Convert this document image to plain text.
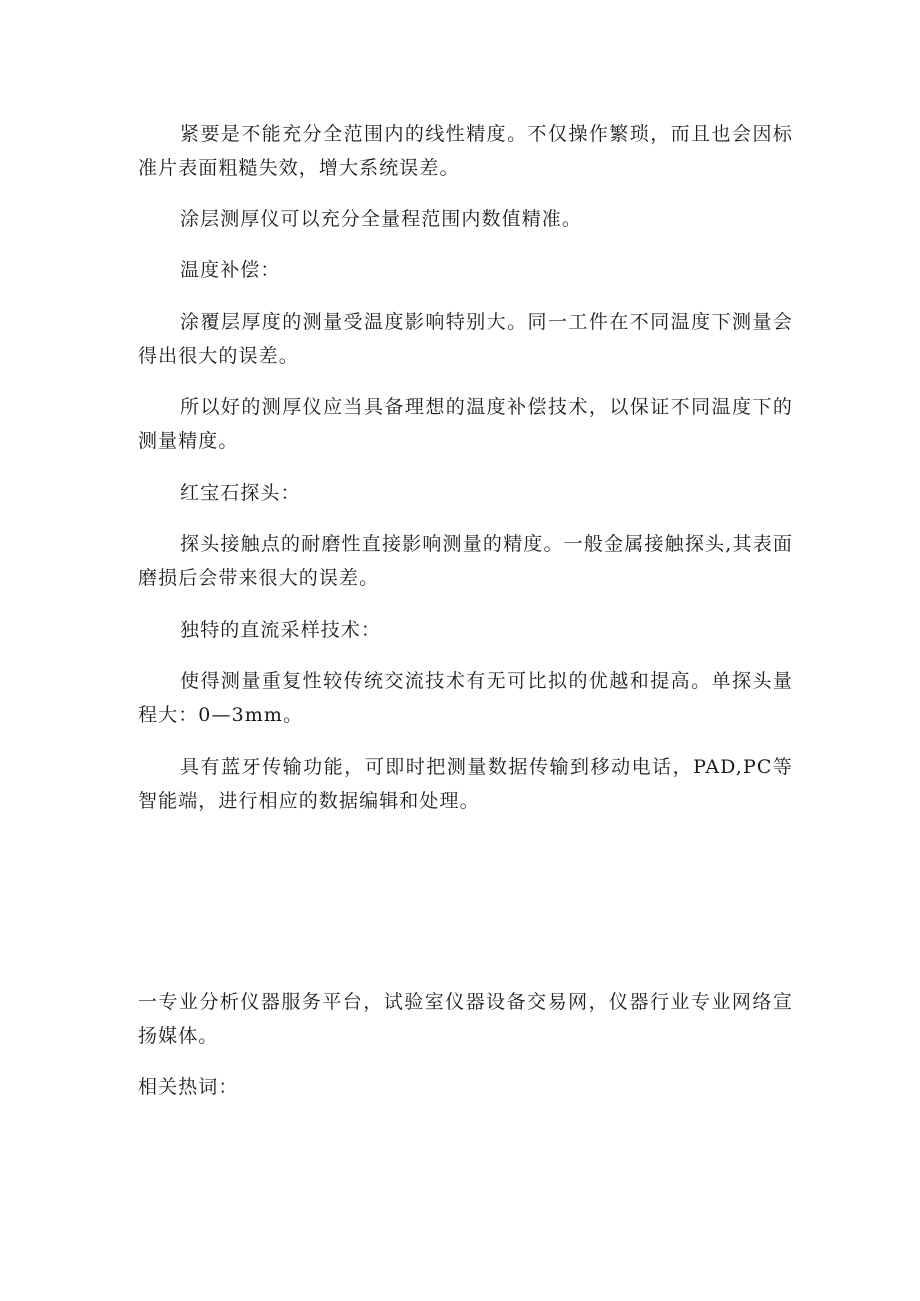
紧要是不能充分全范围内的线性精度。不仅操作繁琐，而且也会因标准片表面粗糙失效，增大系统误差。

涂层测厚仪可以充分全量程范围内数值精准。

温度补偿：

涂覆层厚度的测量受温度影响特别大。同一工件在不同温度下测量会得出很大的误差。

所以好的测厚仪应当具备理想的温度补偿技术，以保证不同温度下的测量精度。

红宝石探头：

探头接触点的耐磨性直接影响测量的精度。一般金属接触探头,其表面磨损后会带来很大的误差。

独特的直流采样技术：

使得测量重复性较传统交流技术有无可比拟的优越和提高。单探头量程大：0—3mm。

具有蓝牙传输功能，可即时把测量数据传输到移动电话，PAD,PC等智能端，进行相应的数据编辑和处理。

一专业分析仪器服务平台，试验室仪器设备交易网，仪器行业专业网络宣扬媒体。

相关热词：
